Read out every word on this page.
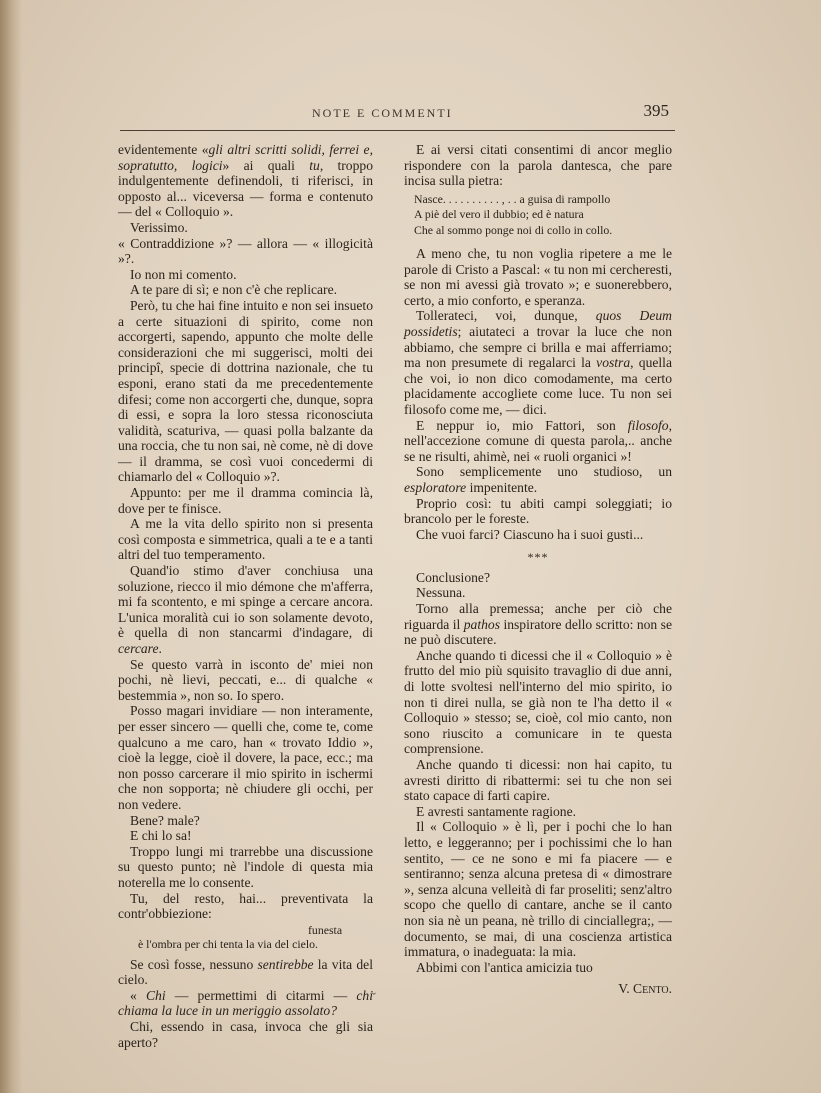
NOTE E COMMENTI	395

evidentemente «gli altri scritti solidi, ferrei e, sopratutto, logici» ai quali tu, troppo indulgentemente definendoli, ti riferisci, in opposto al... viceversa — forma e contenuto — del « Colloquio ».

Verissimo.

« Contraddizione »? — allora — « illogicità »?.

Io non mi comento.

A te pare di sì; e non c'è che replicare.

Però, tu che hai fine intuito e non sei insueto a certe situazioni di spirito, come non accorgerti, sapendo, appunto che molte delle considerazioni che mi suggerisci, molti dei principî, specie di dottrina nazionale, che tu esponi, erano stati da me precedentemente difesi; come non accorgerti che, dunque, sopra di essi, e sopra la loro stessa riconosciuta validità, scaturiva, — quasi polla balzante da una roccia, che tu non sai, nè come, nè di dove — il dramma, se così vuoi concedermi di chiamarlo del « Colloquio »?.

Appunto: per me il dramma comincia là, dove per te finisce.

A me la vita dello spirito non si presenta così composta e simmetrica, quali a te e a tanti altri del tuo temperamento.

Quand'io stimo d'aver conchiusa una soluzione, riecco il mio démone che m'afferra, mi fa scontento, e mi spinge a cercare ancora. L'unica moralità cui io son solamente devoto, è quella di non stancarmi d'indagare, di cercare.

Se questo varrà in isconto de' miei non pochi, nè lievi, peccati, e... di qualche « bestemmia », non so. Io spero.

Posso magari invidiare — non interamente, per esser sincero — quelli che, come te, come qualcuno a me caro, han « trovato Iddio », cioè la legge, cioè il dovere, la pace, ecc.; ma non posso carcerare il mio spirito in ischermi che non sopporta; nè chiudere gli occhi, per non vedere.

Bene? male?

E chi lo sa!

Troppo lungi mi trarrebbe una discussione su questo punto; nè l'indole di questa mia noterella me lo consente.

Tu, del resto, hai... preventivata la contr'obbiezione:

funesta
è l'ombra per chi tenta la via del cielo.

Se così fosse, nessuno sentirebbe la vita del cielo.

« Chi — permettimi di citarmi — chi chiama la luce in un meriggio assolato?

Chi, essendo in casa, invoca che gli sia aperto?

E ai versi citati consentimi di ancor meglio rispondere con la parola dantesca, che pare incisa sulla pietra:

Nasce. . . . . . . . . . , . . a guisa di rampollo
A piè del vero il dubbio; ed è natura
Che al sommo ponge noi di collo in collo.

A meno che, tu non voglia ripetere a me le parole di Cristo a Pascal: « tu non mi cercheresti, se non mi avessi già trovato »; e suonerebbero, certo, a mio conforto, e speranza.

Tollerateci, voi, dunque, quos Deum possidetis; aiutateci a trovar la luce che non abbiamo, che sempre ci brilla e mai afferriamo; ma non presumete di regalarci la vostra, quella che voi, io non dico comodamente, ma certo placidamente accogliete come luce. Tu non sei filosofo come me, — dici.

E neppur io, mio Fattori, son filosofo, nell'accezione comune di questa parola,.. anche se ne risulti, ahimè, nei « ruoli organici »!

Sono semplicemente uno studioso, un esploratore impenitente.

Proprio così: tu abiti campi soleggiati; io brancolo per le foreste.

Che vuoi farci? Ciascuno ha i suoi gusti...

***

Conclusione?

Nessuna.

Torno alla premessa; anche per ciò che riguarda il pathos inspiratore dello scritto: non se ne può discutere.

Anche quando ti dicessi che il « Colloquio » è frutto del mio più squisito travaglio di due anni, di lotte svoltesi nell'interno del mio spirito, io non ti direi nulla, se già non te l'ha detto il « Colloquio » stesso; se, cioè, col mio canto, non sono riuscito a comunicare in te questa comprensione.

Anche quando ti dicessi: non hai capito, tu avresti diritto di ribattermi: sei tu che non sei stato capace di farti capire.

E avresti santamente ragione.

Il « Colloquio » è lì, per i pochi che lo han letto, e leggeranno; per i pochissimi che lo han sentito, — ce ne sono e mi fa piacere — e sentiranno; senza alcuna pretesa di « dimostrare », senza alcuna velleità di far proseliti; senz'altro scopo che quello di cantare, anche se il canto non sia nè un peana, nè trillo di cinciallegra;, — documento, se mai, di una coscienza artistica immatura, o inadeguata: la mia.

Abbimi con l'antica amicizia tuo

V. Cento.

ˇ
